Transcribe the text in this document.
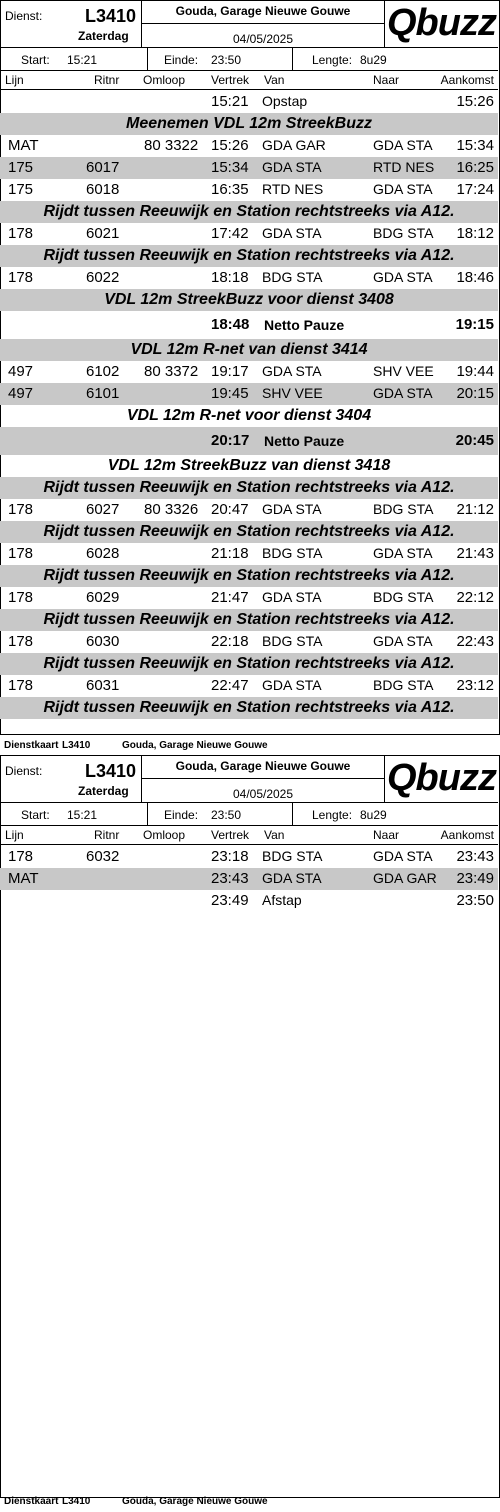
Dienst: L3410
Zaterdag
Gouda, Garage Nieuwe Gouwe
04/05/2025	Qbuzz
Start: 15:21	Einde: 23:50	Lengte: 8u29
Lijn	Ritnr Omloop Vertrek Van	Naar	Aankomst
15:21 Opstap	15:26
Meenemen VDL 12m StreekBuzz
MAT	80 3322 15:26 GDA GAR	GDA STA 15:34
175	6017	15:34 GDA STA	RTD NES 16:25
175	6018	16:35 RTD NES	GDA STA 17:24
Rijdt tussen Reeuwijk en Station rechtstreeks via A12.
178	6021	17:42 GDA STA	BDG STA 18:12
Rijdt tussen Reeuwijk en Station rechtstreeks via A12.
178	6022	18:18 BDG STA	GDA STA 18:46
VDL 12m StreekBuzz voor dienst 3408
18:48 Netto Pauze	19:15
VDL 12m R-net van dienst 3414
497	6102 80 3372 19:17 GDA STA	SHV VEE 19:44
497	6101	19:45 SHV VEE	GDA STA 20:15
VDL 12m R-net voor dienst 3404
20:17 Netto Pauze	20:45
VDL 12m StreekBuzz van dienst 3418
Rijdt tussen Reeuwijk en Station rechtstreeks via A12.
178	6027 80 3326 20:47 GDA STA	BDG STA 21:12
Rijdt tussen Reeuwijk en Station rechtstreeks via A12.
178	6028	21:18 BDG STA	GDA STA 21:43
Rijdt tussen Reeuwijk en Station rechtstreeks via A12.
178	6029	21:47 GDA STA	BDG STA 22:12
Rijdt tussen Reeuwijk en Station rechtstreeks via A12.
178	6030	22:18 BDG STA	GDA STA 22:43
Rijdt tussen Reeuwijk en Station rechtstreeks via A12.
178	6031	22:47 GDA STA	BDG STA 23:12
Rijdt tussen Reeuwijk en Station rechtstreeks via A12.
Dienstkaart L3410	Gouda, Garage Nieuwe Gouwe
Dienst: L3410
Zaterdag
Gouda, Garage Nieuwe Gouwe
04/05/2025	Qbuzz
Start: 15:21	Einde: 23:50	Lengte: 8u29
Lijn	Ritnr Omloop Vertrek Van	Naar	Aankomst
178	6032	23:18 BDG STA	GDA STA 23:43
MAT	23:43 GDA STA	GDA GAR 23:49
23:49 Afstap	23:50
Dienstkaart L3410	Gouda, Garage Nieuwe Gouwe
